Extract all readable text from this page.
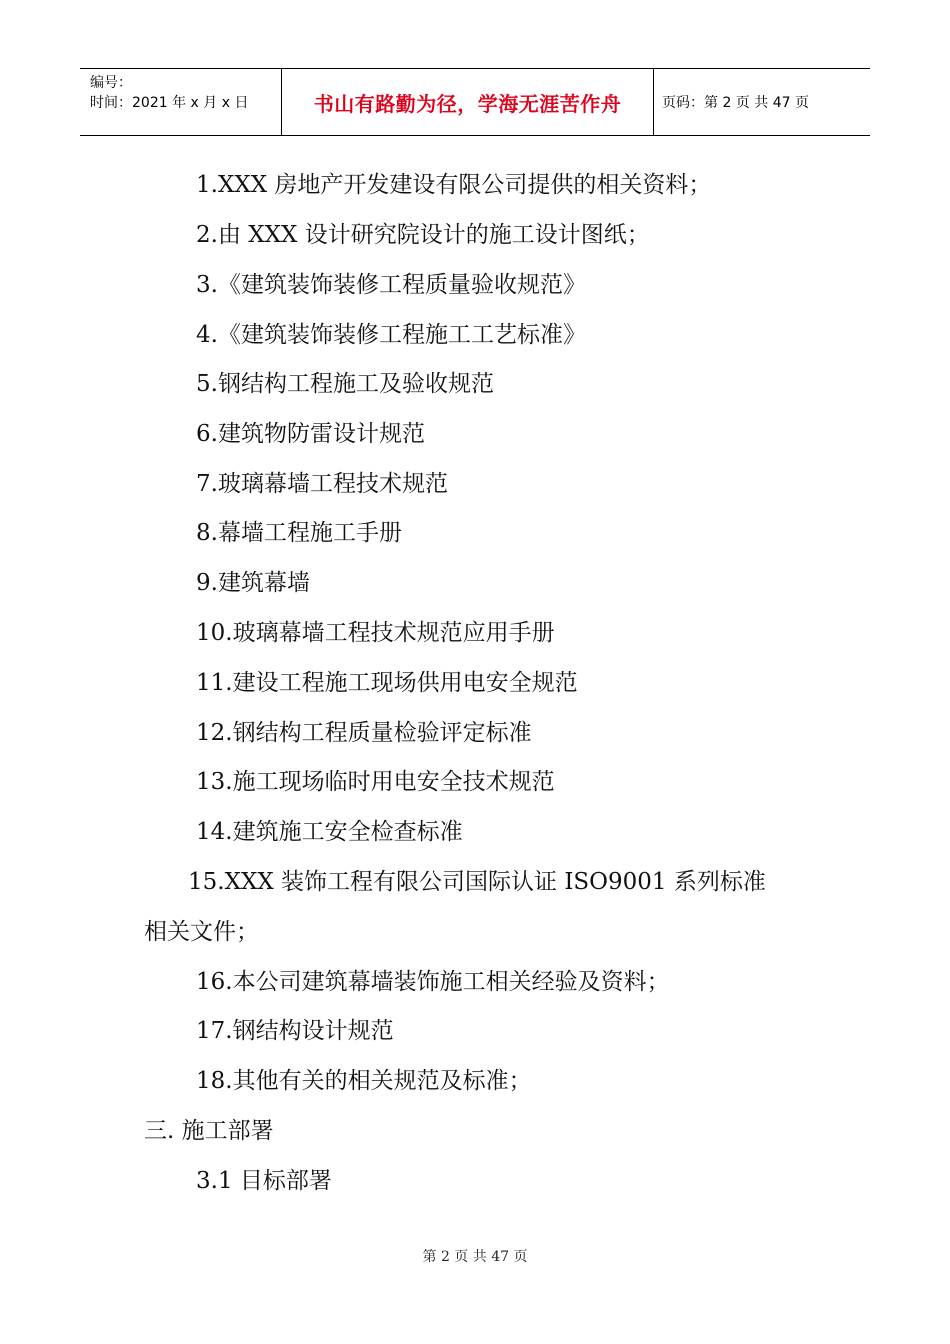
编号：
时间：2021 年 x 月 x 日	书山有路勤为径，学海无涯苦作舟	页码：第 2 页 共 47 页
1.XXX 房地产开发建设有限公司提供的相关资料；
2.由 XXX 设计研究院设计的施工设计图纸；
3.《建筑装饰装修工程质量验收规范》
4.《建筑装饰装修工程施工工艺标准》
5.钢结构工程施工及验收规范
6.建筑物防雷设计规范
7.玻璃幕墙工程技术规范
8.幕墙工程施工手册
9.建筑幕墙
10.玻璃幕墙工程技术规范应用手册
11.建设工程施工现场供用电安全规范
12.钢结构工程质量检验评定标准
13.施工现场临时用电安全技术规范
14.建筑施工安全检查标准
15.XXX 装饰工程有限公司国际认证 ISO9001 系列标准
相关文件；
16.本公司建筑幕墙装饰施工相关经验及资料；
17.钢结构设计规范
18.其他有关的相关规范及标准；
三. 施工部署
3.1 目标部署
第 2 页 共 47 页
